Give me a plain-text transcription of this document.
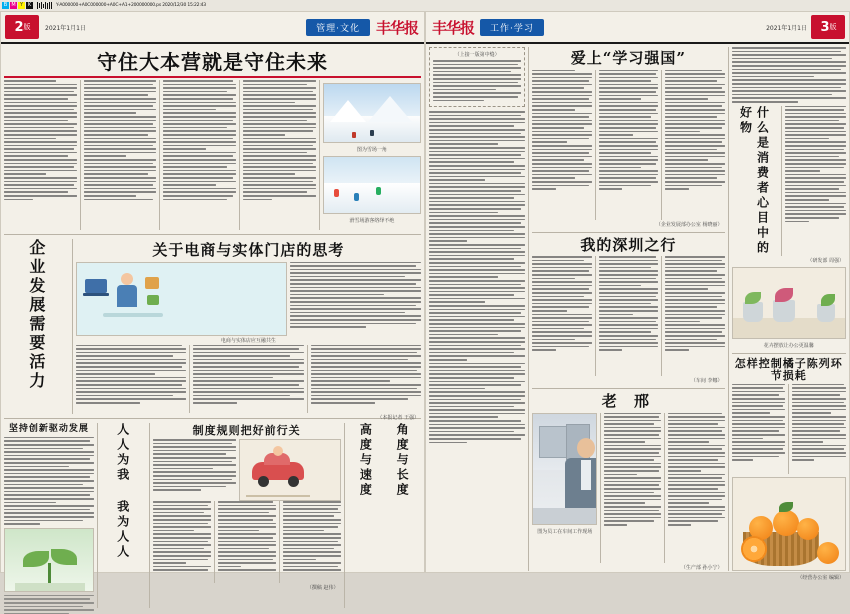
B M Y K	Y-A000000+A0C000000+A0C+A1+200000000.ps 2020/12/30 15:22:43
2 版	2021年1月1日	管理·文化	丰华报
守住大本营就是守住未来
图为雪场一角
滑雪场游客络绎不绝
企业发展需要活力	关于电商与实体门店的思考
电商与实体店应互融共生
（本报记者 王强）
坚持创新驱动发展	人人为我 我为人人	制度规则把好前行关
（撰稿 赵伟）
高度与速度 角度与长度
丰华报	工作·学习	2021年1月1日 3 版
（上接一版第中缝）	爱上“学习强国”
（企业发展部办公室 杨晓丽）
我的深圳之行
（车间 李娜）
老 邢
图为员工在车间工作现场
（生产部 孙小宁）
什么是消费者心目中的好物
（研发部 周强）
花卉摆放让办公更温馨
怎样控制橘子陈列环节损耗
（经营办公室 编辑）
